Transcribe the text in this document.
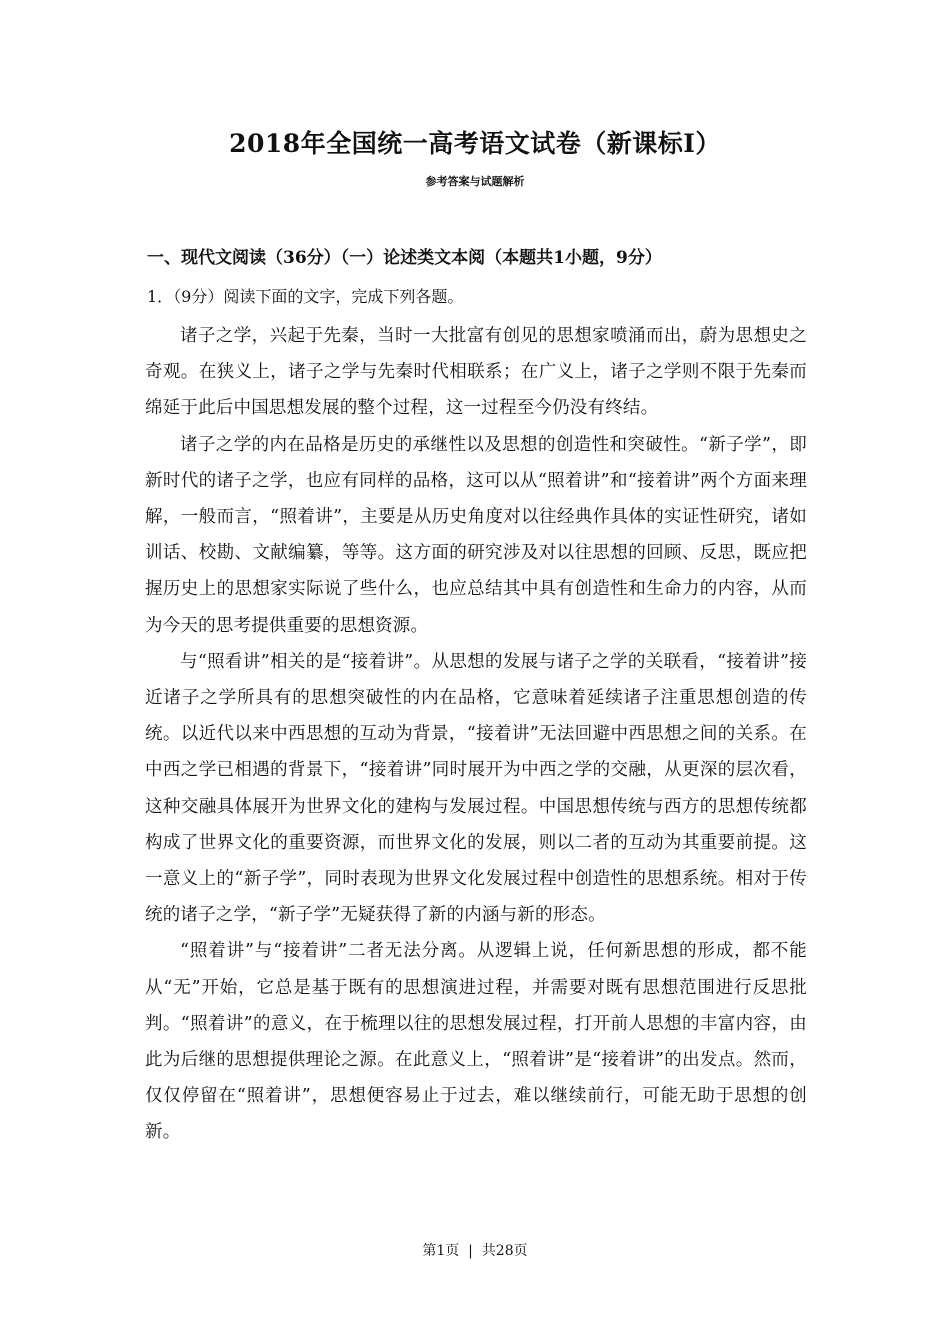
2018年全国统一高考语文试卷（新课标I）
参考答案与试题解析
一、现代文阅读（36分）（一）论述类文本阅（本题共1小题，9分）
1．（9分）阅读下面的文字，完成下列各题。

诸子之学，兴起于先秦，当时一大批富有创见的思想家喷涌而出，蔚为思想史之奇观。在狭义上，诸子之学与先秦时代相联系；在广义上，诸子之学则不限于先秦而绵延于此后中国思想发展的整个过程，这一过程至今仍没有终结。

诸子之学的内在品格是历史的承继性以及思想的创造性和突破性。“新子学”，即新时代的诸子之学，也应有同样的品格，这可以从“照着讲”和“接着讲”两个方面来理解，一般而言，“照着讲”，主要是从历史角度对以往经典作具体的实证性研究，诸如训话、校勘、文献编纂，等等。这方面的研究涉及对以往思想的回顾、反思，既应把握历史上的思想家实际说了些什么，也应总结其中具有创造性和生命力的内容，从而为今天的思考提供重要的思想资源。

与“照看讲”相关的是“接着讲”。从思想的发展与诸子之学的关联看，“接着讲”接近诸子之学所具有的思想突破性的内在品格，它意味着延续诸子注重思想创造的传统。以近代以来中西思想的互动为背景，“接着讲”无法回避中西思想之间的关系。在中西之学已相遇的背景下，“接着讲”同时展开为中西之学的交融，从更深的层次看，这种交融具体展开为世界文化的建构与发展过程。中国思想传统与西方的思想传统都构成了世界文化的重要资源，而世界文化的发展，则以二者的互动为其重要前提。这一意义上的“新子学”，同时表现为世界文化发展过程中创造性的思想系统。相对于传统的诸子之学，“新子学”无疑获得了新的内涵与新的形态。

“照着讲”与“接着讲”二者无法分离。从逻辑上说，任何新思想的形成，都不能从“无”开始，它总是基于既有的思想演进过程，并需要对既有思想范围进行反思批判。“照着讲”的意义，在于梳理以往的思想发展过程，打开前人思想的丰富内容，由此为后继的思想提供理论之源。在此意义上，“照着讲”是“接着讲”的出发点。然而，仅仅停留在“照着讲”，思想便容易止于过去，难以继续前行，可能无助于思想的创新。

第1页  |  共28页
